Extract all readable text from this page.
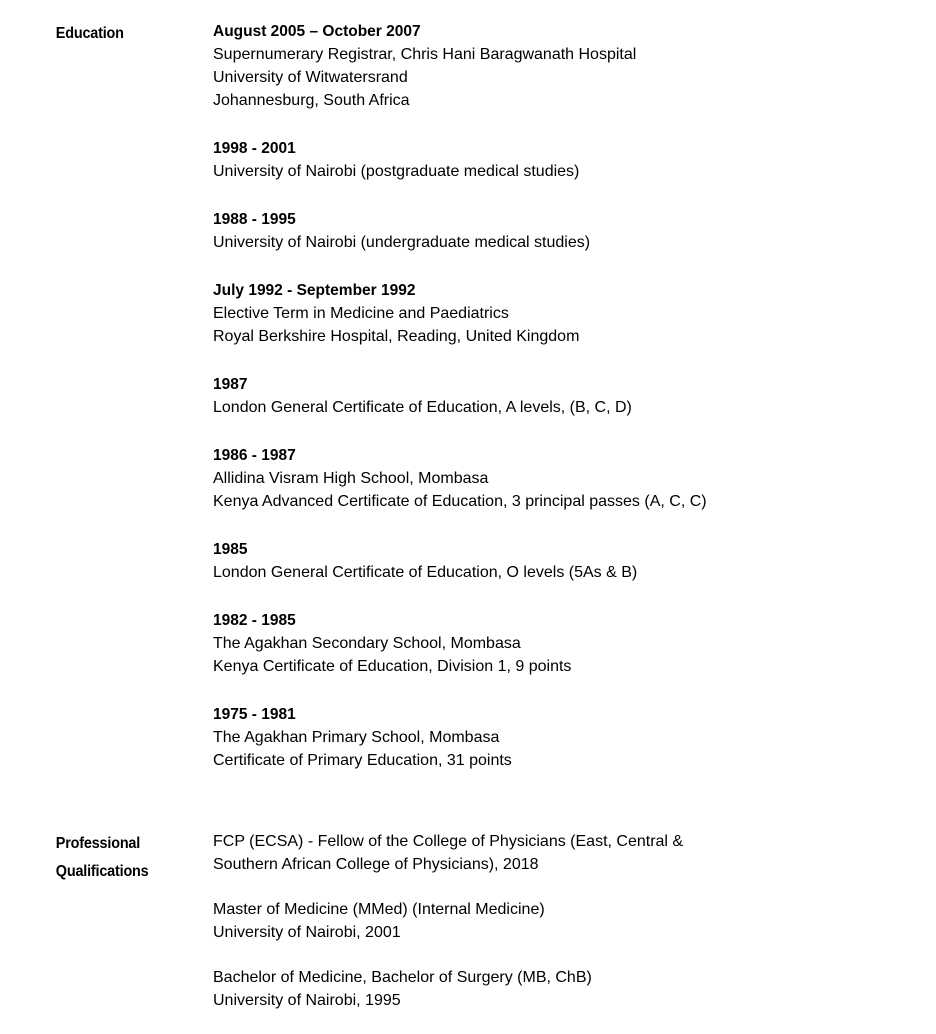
Education	August 2005 – October 2007
Supernumerary Registrar, Chris Hani Baragwanath Hospital
University of Witwatersrand
Johannesburg, South Africa
1998 - 2001
University of Nairobi (postgraduate medical studies)
1988 - 1995
University of Nairobi (undergraduate medical studies)
July 1992 - September 1992
Elective Term in Medicine and Paediatrics
Royal Berkshire Hospital, Reading, United Kingdom
1987
London General Certificate of Education, A levels, (B, C, D)
1986 - 1987
Allidina Visram High School, Mombasa
Kenya Advanced Certificate of Education, 3 principal passes (A, C, C)
1985
London General Certificate of Education, O levels (5As & B)
1982 - 1985
The Agakhan Secondary School, Mombasa
Kenya Certificate of Education, Division 1, 9 points
1975 - 1981
The Agakhan Primary School, Mombasa
Certificate of Primary Education, 31 points
Professional
Qualifications
FCP (ECSA) - Fellow of the College of Physicians (East, Central &
Southern African College of Physicians), 2018
Master of Medicine (MMed) (Internal Medicine)
University of Nairobi, 2001
Bachelor of Medicine, Bachelor of Surgery (MB, ChB)
University of Nairobi, 1995
